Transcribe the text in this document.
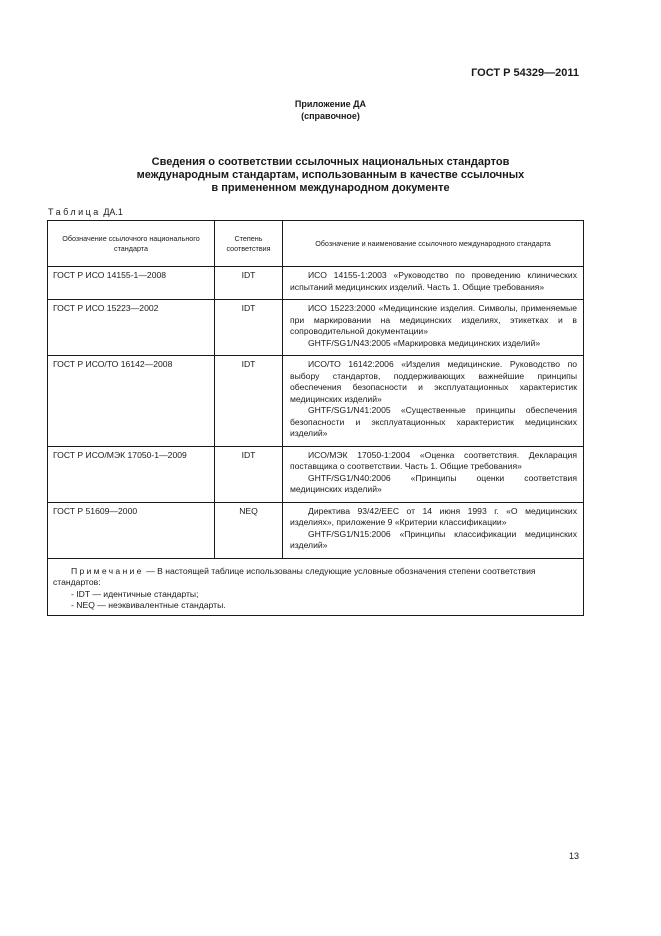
ГОСТ Р 54329—2011
Приложение ДА
(справочное)
Сведения о соответствии ссылочных национальных стандартов
международным стандартам, использованным в качестве ссылочных
в примененном международном документе
Таблица ДА.1
Обозначение ссылочного национального стандарта	Степень соответствия	Обозначение и наименование ссылочного международного стандарта
ГОСТ Р ИСО 14155-1—2008	IDT	ИСО 14155-1:2003 «Руководство по проведению клинических испытаний медицинских изделий. Часть 1. Общие требования»

ГОСТ Р ИСО 15223—2002	IDT	ИСО 15223:2000 «Медицинские изделия. Символы, применяемые при маркировании на медицинских изделиях, этикетках и в сопроводительной документации»
GHTF/SG1/N43:2005 «Маркировка медицинских изделий»

ГОСТ Р ИСО/ТО 16142—2008	IDT	ИСО/ТО 16142:2006 «Изделия медицинские. Руководство по выбору стандартов, поддерживающих важнейшие принципы обеспечения безопасности и эксплуатационных характеристик медицинских изделий»
GHTF/SG1/N41:2005 «Существенные принципы обеспечения безопасности и эксплуатационных характеристик медицинских изделий»

ГОСТ Р ИСО/МЭК 17050-1—2009	IDT	ИСО/МЭК 17050-1:2004 «Оценка соответствия. Декларация поставщика о соответствии. Часть 1. Общие требования»
GHTF/SG1/N40:2006 «Принципы оценки соответствия медицинских изделий»

ГОСТ Р 51609—2000	NEQ	Директива 93/42/ЕЕС от 14 июня 1993 г. «О медицинских изделиях», приложение 9 «Критерии классификации»
GHTF/SG1/N15:2006 «Принципы классификации медицинских изделий»

Примечание — В настоящей таблице использованы следующие условные обозначения степени соответствия стандартов:
- IDT — идентичные стандарты;
- NEQ — неэквивалентные стандарты.		
13
